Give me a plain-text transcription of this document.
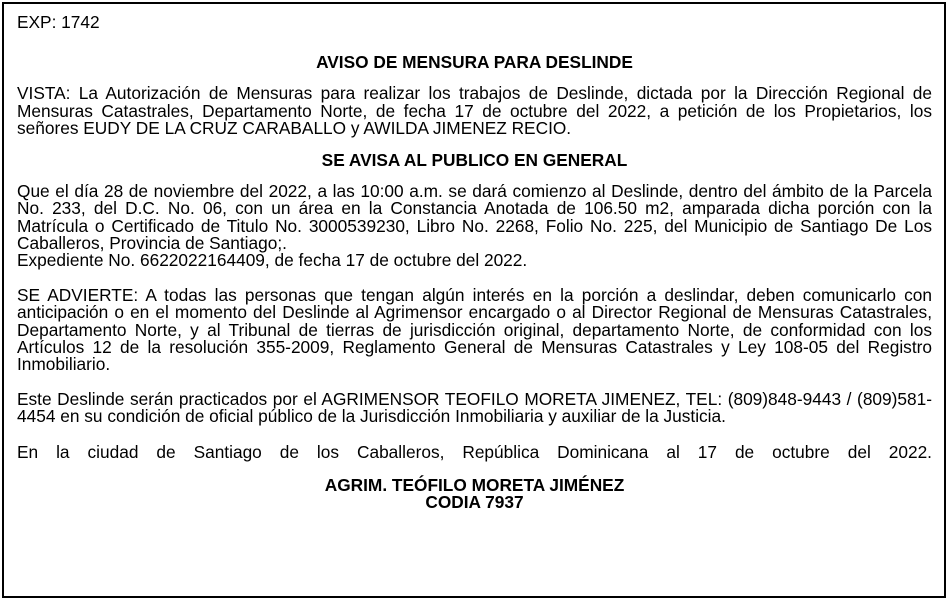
EXP: 1742

AVISO DE MENSURA PARA DESLINDE

VISTA: La Autorización de Mensuras para realizar los trabajos de Deslinde, dictada por la Dirección Regional de Mensuras Catastrales, Departamento Norte, de fecha 17 de octubre del 2022, a petición de los Propietarios, los señores EUDY DE LA CRUZ CARABALLO y AWILDA JIMENEZ RECIO.

SE AVISA AL PUBLICO EN GENERAL

Que el día 28 de noviembre del 2022, a las 10:00 a.m. se dará comienzo al Deslinde, dentro del ámbito de la Parcela No. 233, del D.C. No. 06, con un área en la Constancia Anotada de 106.50 m2, amparada dicha porción con la Matrícula o Certificado de Titulo No. 3000539230, Libro No. 2268, Folio No. 225, del Municipio de Santiago De Los Caballeros, Provincia de Santiago;.

Expediente No. 6622022164409, de fecha 17 de octubre del 2022.

SE ADVIERTE: A todas las personas que tengan algún interés en la porción a deslindar, deben comunicarlo con anticipación o en el momento del Deslinde al Agrimensor encargado o al Director Regional de Mensuras Catastrales, Departamento Norte, y al Tribunal de tierras de jurisdicción original, departamento Norte, de conformidad con los Artículos 12 de la resolución 355-2009, Reglamento General de Mensuras Catastrales y Ley 108-05 del Registro Inmobiliario.

Este Deslinde serán practicados por el AGRIMENSOR TEOFILO MORETA JIMENEZ, TEL: (809)848-9443 / (809)581-4454 en su condición de oficial público de la Jurisdicción Inmobiliaria y auxiliar de la Justicia.

En la ciudad de Santiago de los Caballeros, República Dominicana al 17 de octubre del 2022.

AGRIM. TEÓFILO MORETA JIMÉNEZ

CODIA 7937
